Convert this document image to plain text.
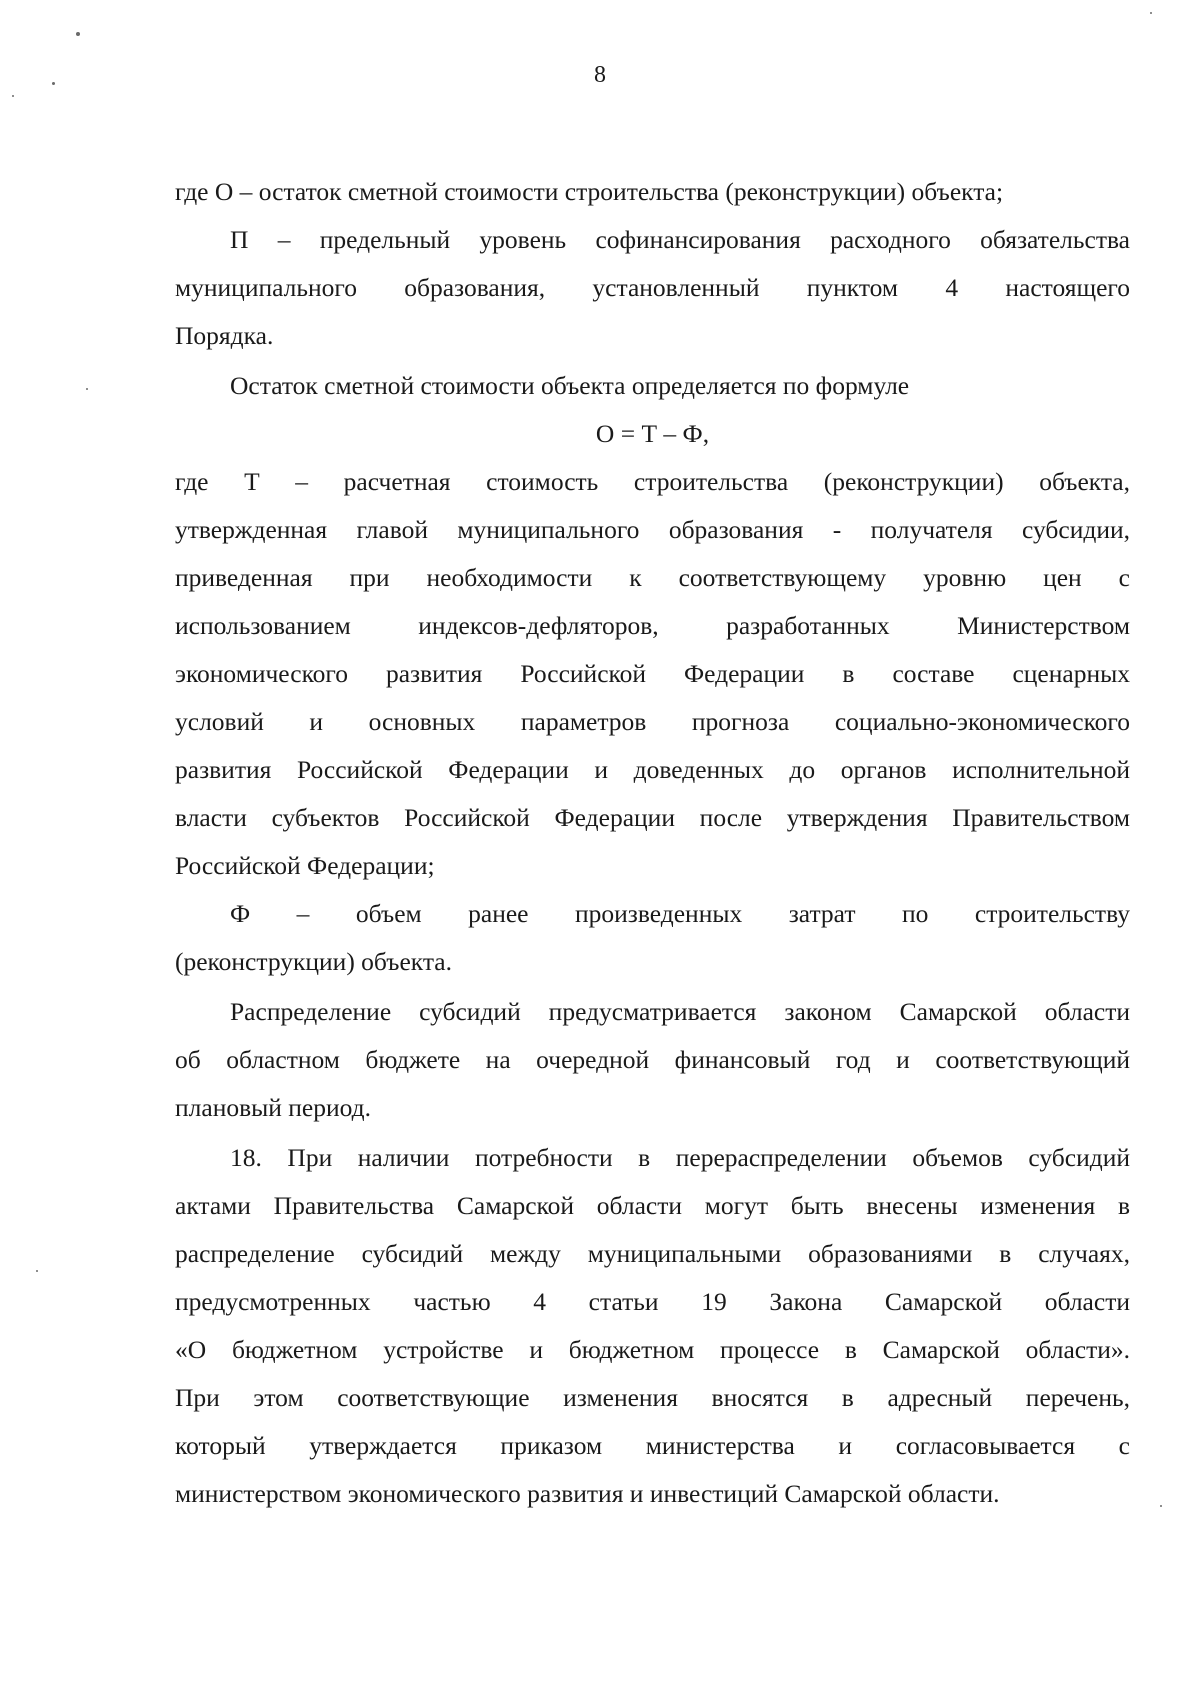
8
где О – остаток сметной стоимости строительства (реконструкции) объекта;
П – предельный уровень софинансирования расходного обязательства
муниципального образования, установленный пунктом 4 настоящего
Порядка.
Остаток сметной стоимости объекта определяется по формуле
О = Т – Ф,
где Т – расчетная стоимость строительства (реконструкции) объекта,
утвержденная главой муниципального образования - получателя субсидии,
приведенная при необходимости к соответствующему уровню цен с
использованием индексов-дефляторов, разработанных Министерством
экономического развития Российской Федерации в составе сценарных
условий и основных параметров прогноза социально-экономического
развития Российской Федерации и доведенных до органов исполнительной
власти субъектов Российской Федерации после утверждения Правительством
Российской Федерации;
Ф – объем ранее произведенных затрат по строительству
(реконструкции) объекта.
Распределение субсидий предусматривается законом Самарской области
об областном бюджете на очередной финансовый год и соответствующий
плановый период.
18. При наличии потребности в перераспределении объемов субсидий
актами Правительства Самарской области могут быть внесены изменения в
распределение субсидий между муниципальными образованиями в случаях,
предусмотренных частью 4 статьи 19 Закона Самарской области
«О бюджетном устройстве и бюджетном процессе в Самарской области».
При этом соответствующие изменения вносятся в адресный перечень,
который утверждается приказом министерства и согласовывается с
министерством экономического развития и инвестиций Самарской области.
